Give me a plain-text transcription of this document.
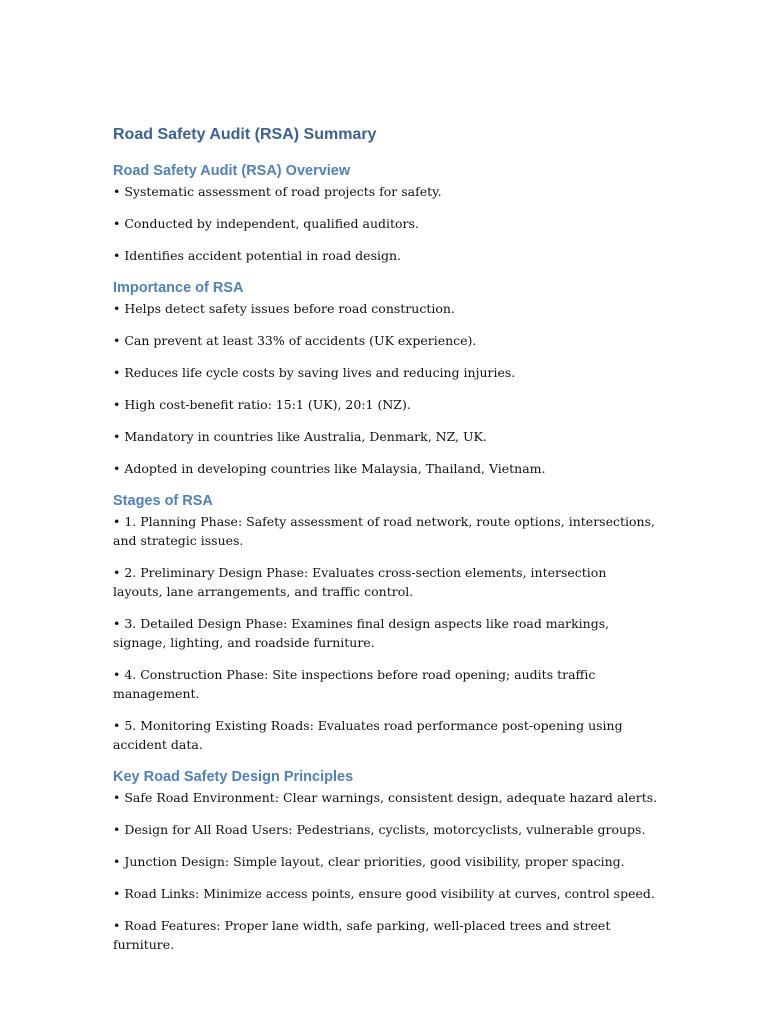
Road Safety Audit (RSA) Summary
Road Safety Audit (RSA) Overview
• Systematic assessment of road projects for safety.
• Conducted by independent, qualified auditors.
• Identifies accident potential in road design.
Importance of RSA
• Helps detect safety issues before road construction.
• Can prevent at least 33% of accidents (UK experience).
• Reduces life cycle costs by saving lives and reducing injuries.
• High cost-benefit ratio: 15:1 (UK), 20:1 (NZ).
• Mandatory in countries like Australia, Denmark, NZ, UK.
• Adopted in developing countries like Malaysia, Thailand, Vietnam.
Stages of RSA
• 1. Planning Phase: Safety assessment of road network, route options, intersections, and strategic issues.
• 2. Preliminary Design Phase: Evaluates cross-section elements, intersection layouts, lane arrangements, and traffic control.
• 3. Detailed Design Phase: Examines final design aspects like road markings, signage, lighting, and roadside furniture.
• 4. Construction Phase: Site inspections before road opening; audits traffic management.
• 5. Monitoring Existing Roads: Evaluates road performance post-opening using accident data.
Key Road Safety Design Principles
• Safe Road Environment: Clear warnings, consistent design, adequate hazard alerts.
• Design for All Road Users: Pedestrians, cyclists, motorcyclists, vulnerable groups.
• Junction Design: Simple layout, clear priorities, good visibility, proper spacing.
• Road Links: Minimize access points, ensure good visibility at curves, control speed.
• Road Features: Proper lane width, safe parking, well-placed trees and street furniture.
